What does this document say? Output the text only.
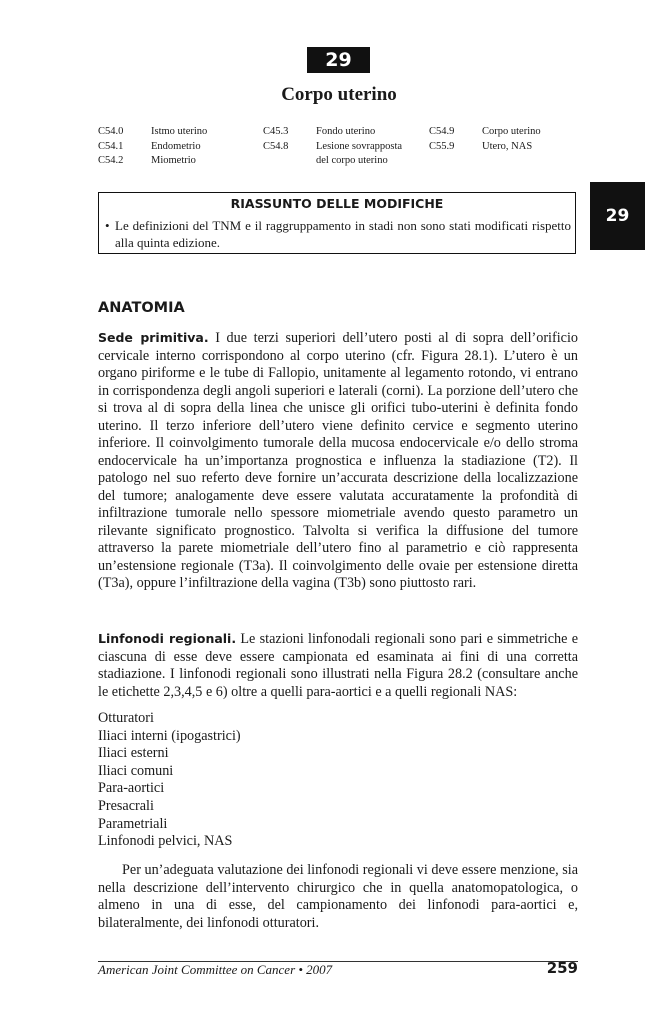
29
Corpo uterino
C54.0
C54.1
C54.2
Istmo uterino
Endometrio
Miometrio
C45.3
C54.8
Fondo uterino
Lesione sovrapposta
del corpo uterino
C54.9
C55.9
Corpo uterino
Utero, NAS
RIASSUNTO DELLE MODIFICHE
• Le definizioni del TNM e il raggruppamento in stadi non sono stati modificati rispetto alla quinta edizione.
29
ANATOMIA
Sede primitiva. I due terzi superiori dell’utero posti al di sopra dell’orificio cervicale interno corrispondono al corpo uterino (cfr. Figura 28.1). L’utero è un organo piriforme e le tube di Fallopio, unitamente al legamento rotondo, vi entrano in corrispondenza degli angoli superiori e laterali (corni). La porzione dell’utero che si trova al di sopra della linea che unisce gli orifici tubo-uterini è definita fondo uterino. Il terzo inferiore dell’utero viene definito cervice e segmento uterino inferiore. Il coinvolgimento tumorale della mucosa endocervicale e/o dello stroma endocervicale ha un’importanza prognostica e influenza la stadiazione (T2). Il patologo nel suo referto deve fornire un’accurata descrizione della localizzazione del tumore; analogamente deve essere valutata accuratamente la profondità di infiltrazione tumorale nello spessore miometriale avendo questo parametro un rilevante significato prognostico. Talvolta si verifica la diffusione del tumore attraverso la parete miometriale dell’utero fino al parametrio e ciò rappresenta un’estensione regionale (T3a). Il coinvolgimento delle ovaie per estensione diretta (T3a), oppure l’infiltrazione della vagina (T3b) sono piuttosto rari.
Linfonodi regionali. Le stazioni linfonodali regionali sono pari e simmetriche e ciascuna di esse deve essere campionata ed esaminata ai fini di una corretta stadiazione. I linfonodi regionali sono illustrati nella Figura 28.2 (consultare anche le etichette 2,3,4,5 e 6) oltre a quelli para-aortici e a quelli regionali NAS:
Otturatori
Iliaci interni (ipogastrici)
Iliaci esterni
Iliaci comuni
Para-aortici
Presacrali
Parametriali
Linfonodi pelvici, NAS
Per un’adeguata valutazione dei linfonodi regionali vi deve essere menzione, sia nella descrizione dell’intervento chirurgico che in quella anatomopatologica, o almeno in una di esse, del campionamento dei linfonodi para-aortici e, bilateralmente, dei linfonodi otturatori.
American Joint Committee on Cancer • 2007	259
